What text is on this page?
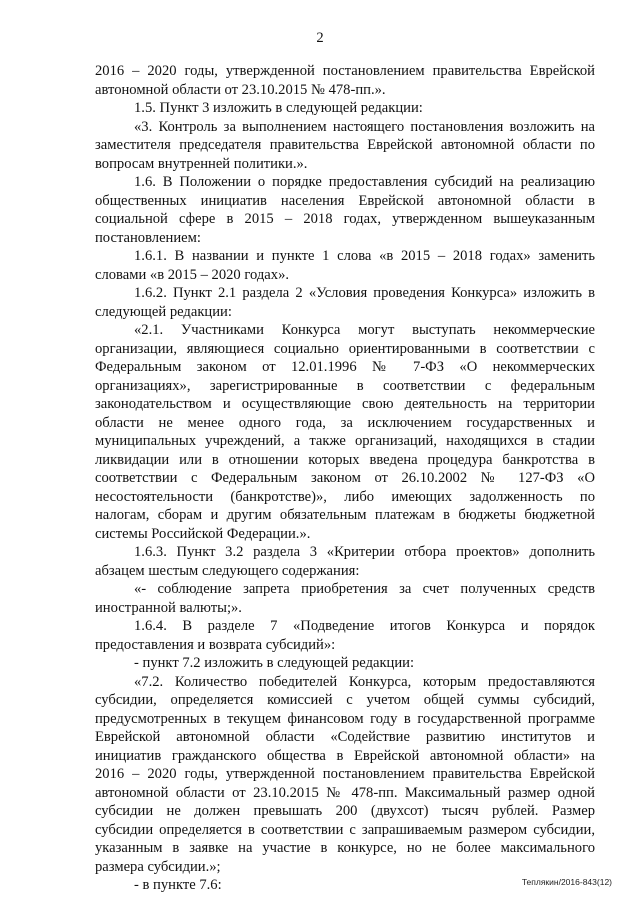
2
2016 – 2020 годы, утвержденной постановлением правительства Еврейской
автономной области от 23.10.2015 № 478-пп.».
1.5. Пункт 3 изложить в следующей редакции:
«3. Контроль за выполнением настоящего постановления возложить на
заместителя председателя правительства Еврейской автономной области по
вопросам внутренней политики.».
1.6. В Положении о порядке предоставления субсидий на реализацию
общественных инициатив населения Еврейской автономной области в
социальной сфере в 2015 – 2018 годах, утвержденном вышеуказанным
постановлением:
1.6.1. В названии и пункте 1 слова «в 2015 – 2018 годах» заменить
словами «в 2015 – 2020 годах».
1.6.2. Пункт 2.1 раздела 2 «Условия проведения Конкурса» изложить в
следующей редакции:
«2.1. Участниками Конкурса могут выступать некоммерческие
организации, являющиеся социально ориентированными в соответствии с
Федеральным законом от 12.01.1996 № 7-ФЗ «О некоммерческих
организациях», зарегистрированные в соответствии с федеральным
законодательством и осуществляющие свою деятельность на территории
области не менее одного года, за исключением государственных и
муниципальных учреждений, а также организаций, находящихся в стадии
ликвидации или в отношении которых введена процедура банкротства в
соответствии с Федеральным законом от 26.10.2002 № 127-ФЗ «О
несостоятельности (банкротстве)», либо имеющих задолженность по
налогам, сборам и другим обязательным платежам в бюджеты бюджетной
системы Российской Федерации.».
1.6.3. Пункт 3.2 раздела 3 «Критерии отбора проектов» дополнить
абзацем шестым следующего содержания:
«- соблюдение запрета приобретения за счет полученных средств
иностранной валюты;».
1.6.4. В разделе 7 «Подведение итогов Конкурса и порядок
предоставления и возврата субсидий»:
- пункт 7.2 изложить в следующей редакции:
«7.2. Количество победителей Конкурса, которым предоставляются
субсидии, определяется комиссией с учетом общей суммы субсидий,
предусмотренных в текущем финансовом году в государственной программе
Еврейской автономной области «Содействие развитию институтов и
инициатив гражданского общества в Еврейской автономной области» на
2016 – 2020 годы, утвержденной постановлением правительства Еврейской
автономной области от 23.10.2015 № 478-пп. Максимальный размер одной
субсидии не должен превышать 200 (двухсот) тысяч рублей. Размер
субсидии определяется в соответствии с запрашиваемым размером субсидии,
указанным в заявке на участие в конкурсе, но не более максимального
размера субсидии.»;
- в пункте 7.6:	Теплякин/2016-843(12)
